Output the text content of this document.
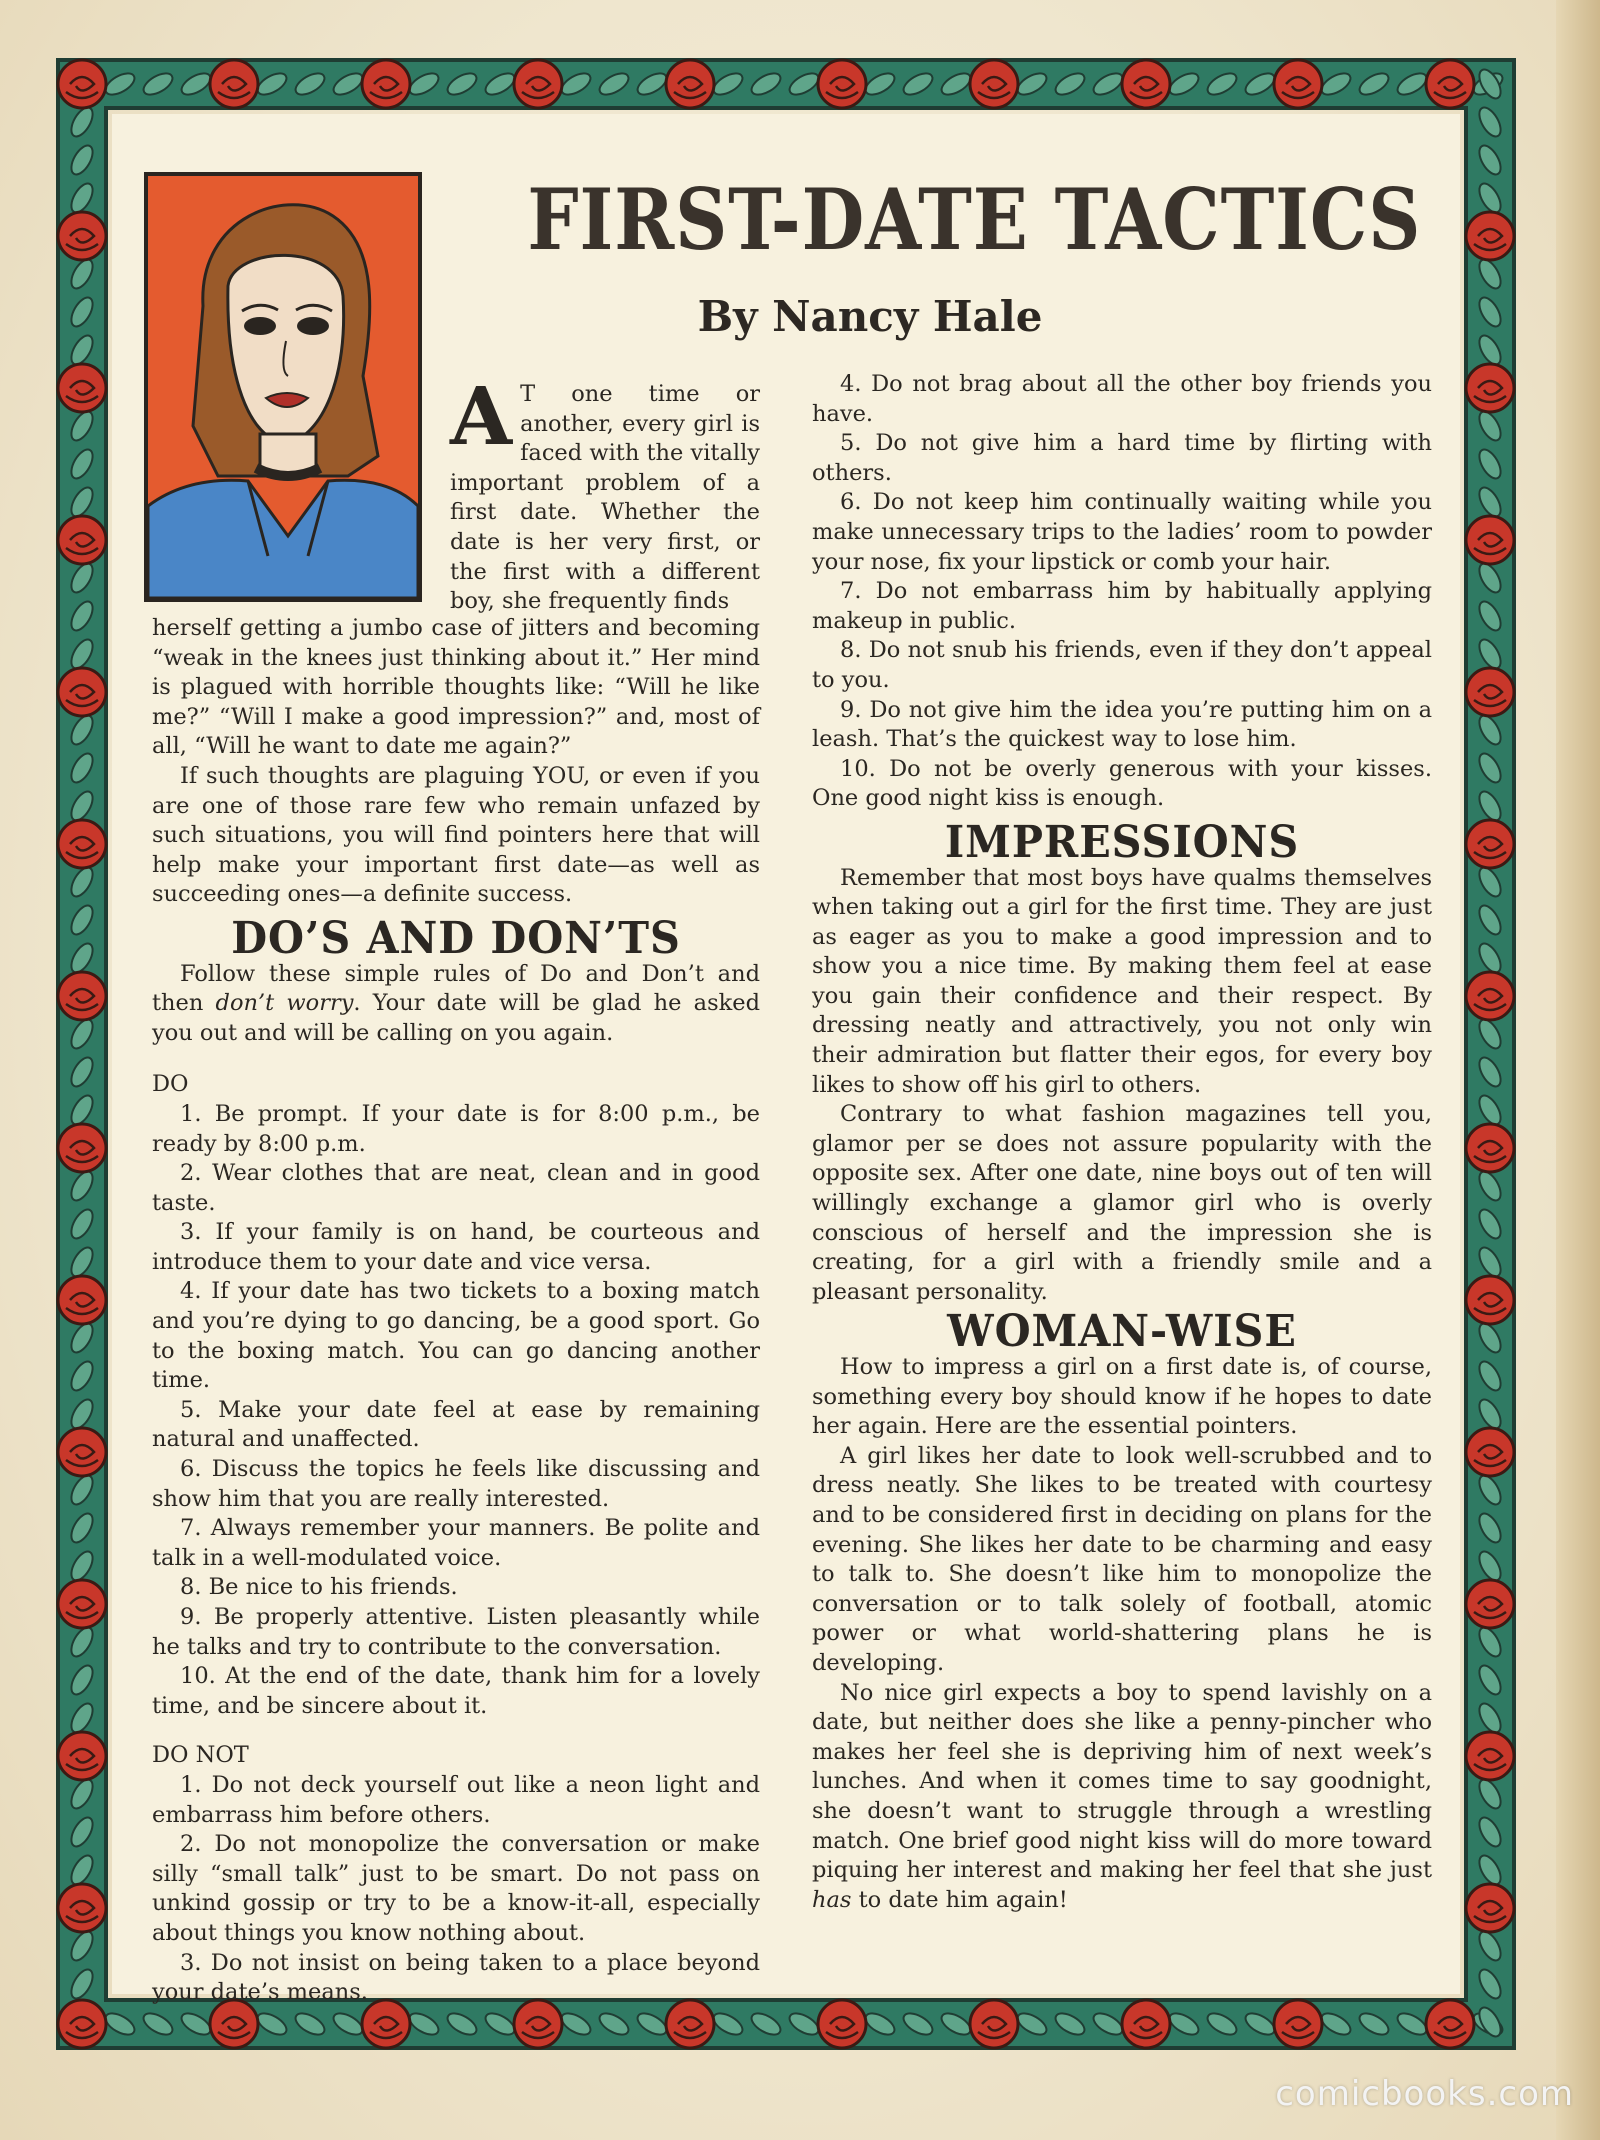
FIRST-DATE TACTICS
By Nancy Hale

A T one time or another, every girl is faced with the vitally important problem of a first date. Whether the date is her very first, or the first with a different boy, she frequently finds

herself getting a jumbo case of jitters and becoming “weak in the knees just thinking about it.” Her mind is plagued with horrible thoughts like: “Will he like me?” “Will I make a good impression?” and, most of all, “Will he want to date me again?”

If such thoughts are plaguing YOU, or even if you are one of those rare few who remain unfazed by such situations, you will find pointers here that will help make your important first date—as well as succeeding ones—a definite success.

DO’S AND DON’TS

Follow these simple rules of Do and Don’t and then don’t worry. Your date will be glad he asked you out and will be calling on you again.

DO

1. Be prompt. If your date is for 8:00 p.m., be ready by 8:00 p.m.

2. Wear clothes that are neat, clean and in good taste.

3. If your family is on hand, be courteous and introduce them to your date and vice versa.

4. If your date has two tickets to a boxing match and you’re dying to go dancing, be a good sport. Go to the boxing match. You can go dancing another time.

5. Make your date feel at ease by remaining natural and unaffected.

6. Discuss the topics he feels like discussing and show him that you are really interested.

7. Always remember your manners. Be polite and talk in a well-modulated voice.

8. Be nice to his friends.

9. Be properly attentive. Listen pleasantly while he talks and try to contribute to the conversation.

10. At the end of the date, thank him for a lovely time, and be sincere about it.

DO NOT

1. Do not deck yourself out like a neon light and embarrass him before others.

2. Do not monopolize the conversation or make silly “small talk” just to be smart. Do not pass on unkind gossip or try to be a know-it-all, especially about things you know nothing about.

3. Do not insist on being taken to a place beyond your date’s means.

4. Do not brag about all the other boy friends you have.

5. Do not give him a hard time by flirting with others.

6. Do not keep him continually waiting while you make unnecessary trips to the ladies’ room to powder your nose, fix your lipstick or comb your hair.

7. Do not embarrass him by habitually applying makeup in public.

8. Do not snub his friends, even if they don’t appeal to you.

9. Do not give him the idea you’re putting him on a leash. That’s the quickest way to lose him.

10. Do not be overly generous with your kisses. One good night kiss is enough.

IMPRESSIONS

Remember that most boys have qualms themselves when taking out a girl for the first time. They are just as eager as you to make a good impression and to show you a nice time. By making them feel at ease you gain their confidence and their respect. By dressing neatly and attractively, you not only win their admiration but flatter their egos, for every boy likes to show off his girl to others.

Contrary to what fashion magazines tell you, glamor per se does not assure popularity with the opposite sex. After one date, nine boys out of ten will willingly exchange a glamor girl who is overly conscious of herself and the impression she is creating, for a girl with a friendly smile and a pleasant personality.

WOMAN-WISE

How to impress a girl on a first date is, of course, something every boy should know if he hopes to date her again. Here are the essential pointers.

A girl likes her date to look well-scrubbed and to dress neatly. She likes to be treated with courtesy and to be considered first in deciding on plans for the evening. She likes her date to be charming and easy to talk to. She doesn’t like him to monopolize the conversation or to talk solely of football, atomic power or what world-shattering plans he is developing.

No nice girl expects a boy to spend lavishly on a date, but neither does she like a penny-pincher who makes her feel she is depriving him of next week’s lunches. And when it comes time to say goodnight, she doesn’t want to struggle through a wrestling match. One brief good night kiss will do more toward piquing her interest and making her feel that she just has to date him again!

comicbooks.com
